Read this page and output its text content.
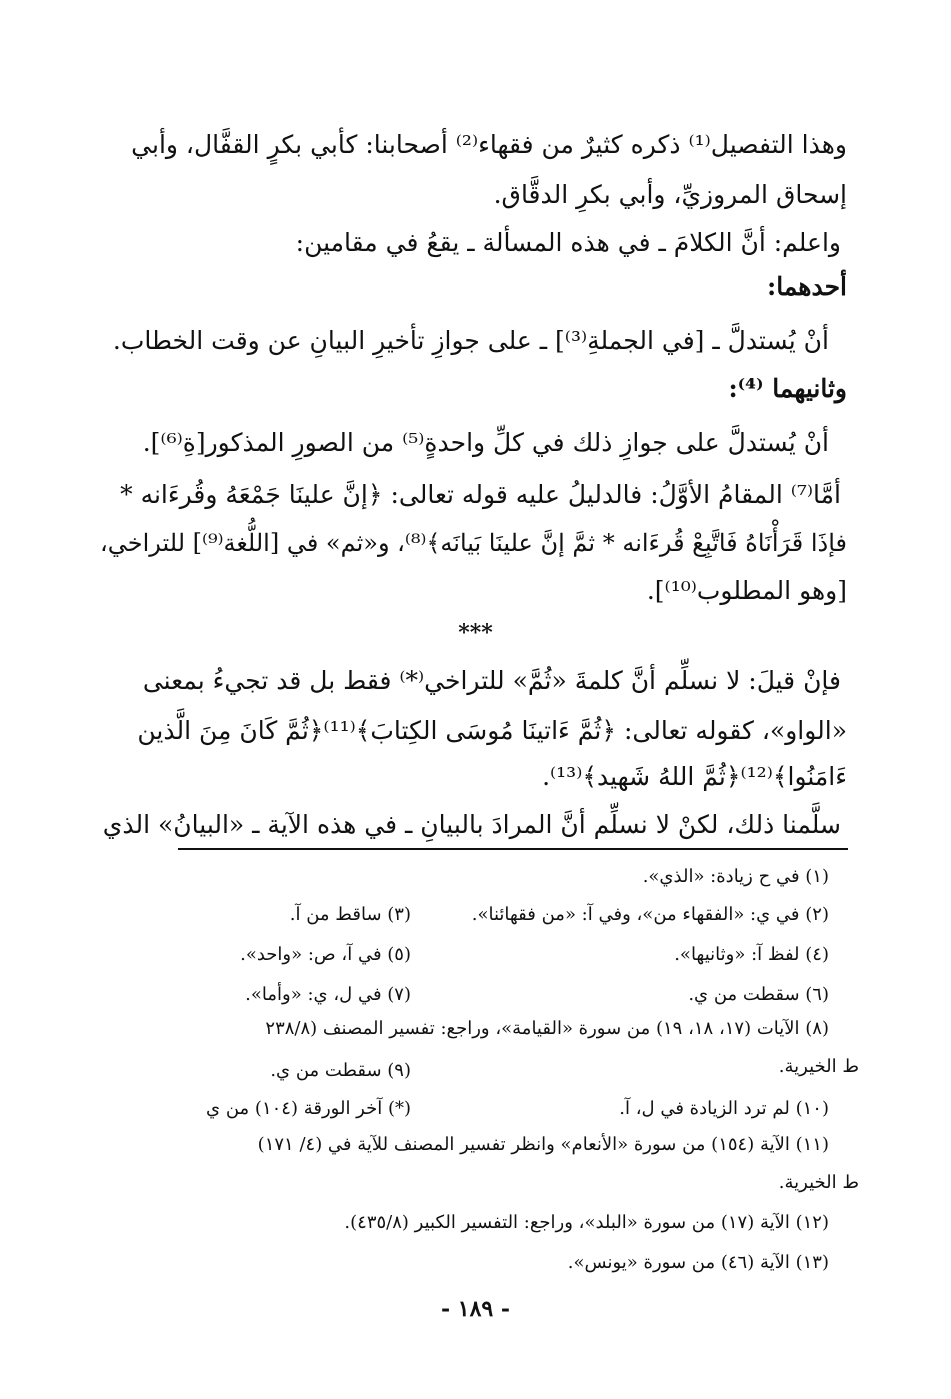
وهذا التفصيل⁽¹⁾ ذكره كثيرٌ من فقهاء⁽²⁾ أصحابنا: كأبي بكرٍ القفَّال، وأبي
إسحاق المروزيِّ، وأبي بكرِ الدقَّاق.
واعلم: أنَّ الكلامَ ـ في هذه المسألة ـ يقعُ في مقامين:
أحدهما:
أنْ يُستدلَّ ـ [في الجملةِ⁽³⁾] ـ على جوازِ تأخيرِ البيانِ عن وقت الخطاب.
وثانيهما ⁽⁴⁾:
أنْ يُستدلَّ على جوازِ ذلك في كلِّ واحدةٍ⁽⁵⁾ من الصورِ المذكور[ةِ⁽⁶⁾].
أمَّا⁽⁷⁾ المقامُ الأوَّلُ: فالدليلُ عليه قوله تعالى: ﴿إنَّ علينَا جَمْعَهُ وقُرءَانه *
فإذَا قَرَأْنَاهُ فَاتَّبِعْ قُرءَانه * ثمَّ إنَّ علينَا بَيانَه﴾⁽⁸⁾، و«ثم» في [اللُّغة⁽⁹⁾] للتراخي،
[وهو المطلوب⁽¹⁰⁾].
***
فإنْ قيلَ: لا نسلِّم أنَّ كلمةَ «ثُمَّ» للتراخي⁽*⁾ فقط بل قد تجيءُ بمعنى
«الواو»، كقوله تعالى: ﴿ثُمَّ ءَاتينَا مُوسَى الكِتابَ﴾⁽¹¹⁾﴿ثُمَّ كَانَ مِنَ الَّذين
ءَامَنُوا﴾⁽¹²⁾﴿ثُمَّ اللهُ شَهيد﴾⁽¹³⁾.
سلَّمنا ذلك، لكنْ لا نسلِّم أنَّ المرادَ بالبيانِ ـ في هذه الآية ـ «البيانُ» الذي
(١) في ح زيادة: «الذي».
(٢) في ي: «الفقهاء من»، وفي آ: «من فقهائنا».
(٣) ساقط من آ.
(٤) لفظ آ: «وثانيها».
(٥) في آ، ص: «واحد».
(٦) سقطت من ي.
(٧) في ل، ي: «وأما».
(٨) الآيات (١٧، ١٨، ١٩) من سورة «القيامة»، وراجع: تفسير المصنف (٢٣٨/٨
ط الخيرية.
(٩) سقطت من ي.
(١٠) لم ترد الزيادة في ل، آ.
(*) آخر الورقة (١٠٤) من ي
(١١) الآية (١٥٤) من سورة «الأنعام» وانظر تفسير المصنف للآية في (٤/ ١٧١)
ط الخيرية.
(١٢) الآية (١٧) من سورة «البلد»، وراجع: التفسير الكبير (٤٣٥/٨).
(١٣) الآية (٤٦) من سورة «يونس».
- ١٨٩ -
